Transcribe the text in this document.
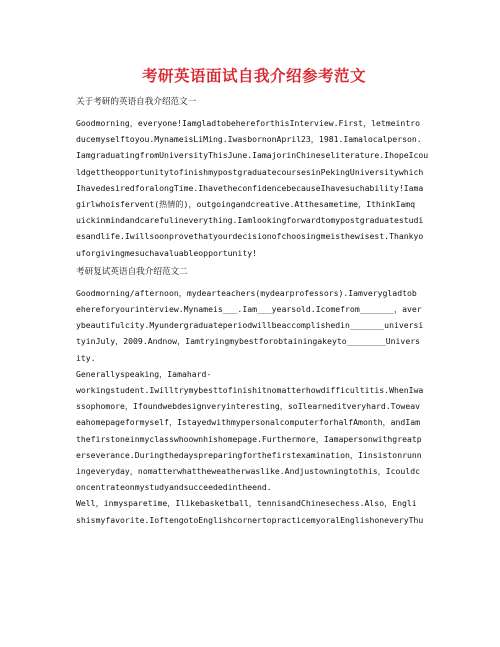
考研英语面试自我介绍参考范文
关于考研的英语自我介绍范文一

Goodmorning，everyone!IamgladtobehereforthisInterview.First，letmeintro
ducemyselftoyou.MynameisLiMing.IwasbornonApril23，1981.Iamalocalperson.
IamgraduatingfromUniversityThisJune.IamajorinChineseliterature.IhopeIcou
ldgettheopportunitytofinishmypostgraduatecoursesinPekingUniversitywhich
IhavedesiredforalongTime.IhavetheconfidencebecauseIhavesuchability!Iama
girlwhoisfervent(热情的)，outgoingandcreative.Atthesametime，IthinkIamq
uickinmindandcarefulineverything.Iamlookingforwardtomypostgraduatestudi
esandlife.Iwillsoonprovethatyourdecisionofchoosingmeisthewisest.Thankyo
uforgivingmesuchavaluableopportunity!

考研复试英语自我介绍范文二

Goodmorning/afternoon，mydearteachers(mydearprofessors).Iamverygladtob
ehereforyourinterview.Mynameis___.Iam___yearsold.Icomefrom_______，aver
ybeautifulcity.Myundergraduateperiodwillbeaccomplishedin_______universi
tyinJuly，2009.Andnow，Iamtryingmybestforobtainingakeyto________Univers
ity.
Generallyspeaking，Iamahard-
workingstudent.Iwilltrymybesttofinishitnomatterhowdifficultitis.WhenIwa
ssophomore，Ifoundwebdesignveryinteresting，soIlearneditveryhard.Toweav
eahomepageformyself，IstayedwithmypersonalcomputerforhalfAmonth，andIam
thefirstoneinmyclasswhoownhishomepage.Furthermore，Iamapersonwithgreatp
erseverance.Duringthedayspreparingforthefirstexamination，Iinsistonrunn
ingeveryday，nomatterwhattheweatherwaslike.Andjustowningtothis，Icouldc
oncentrateonmystudyandsucceededintheend.
Well，inmysparetime，Ilikebasketball，tennisandChinesechess.Also，Engli
shismyfavorite.IoftengotoEnglishcornertopracticemyoralEnglishoneveryThu
